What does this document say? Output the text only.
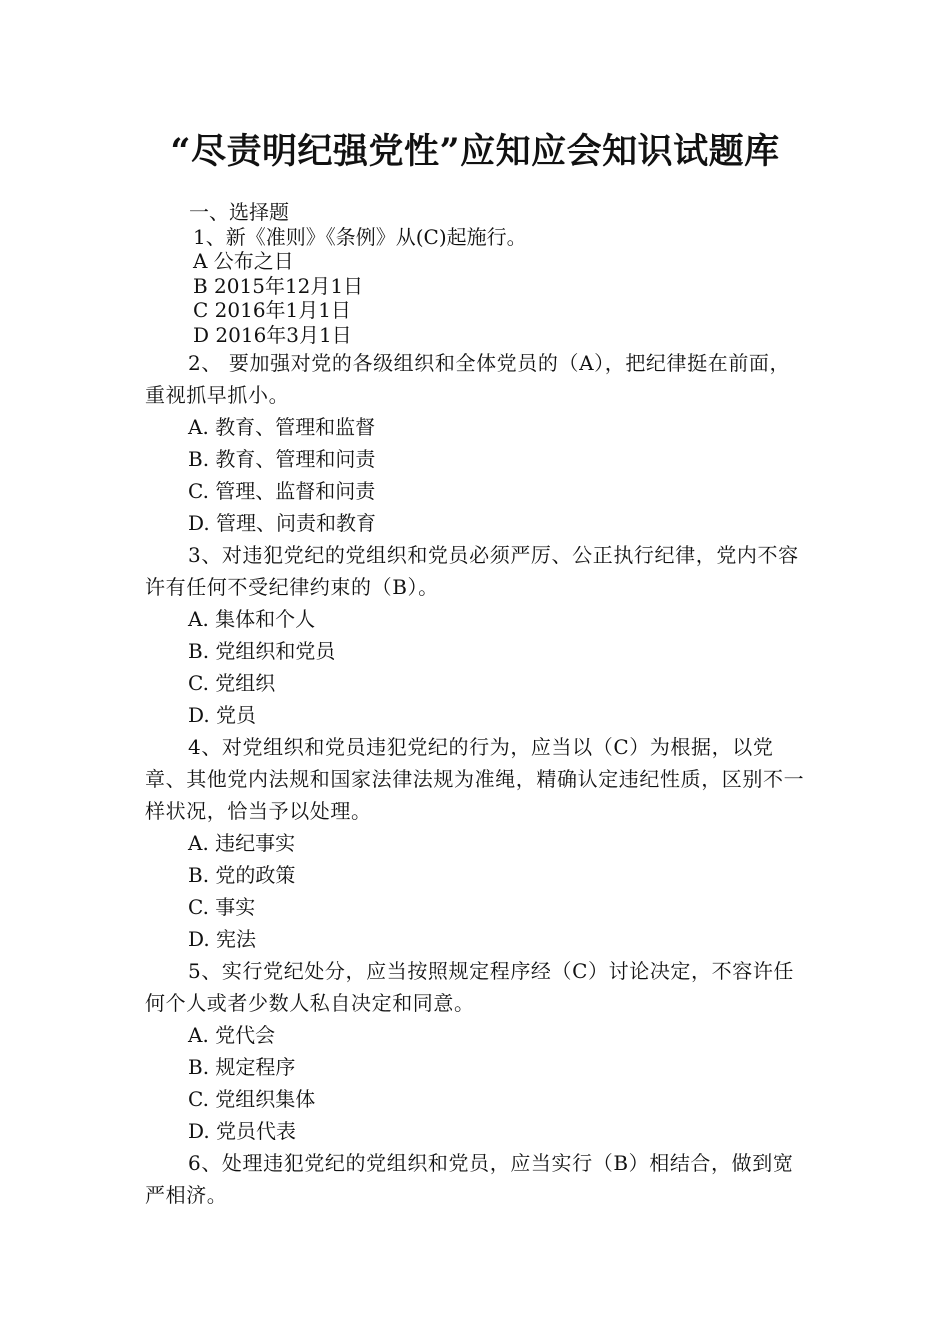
“尽责明纪强党性”应知应会知识试题库
一、选择题
1、新《准则》《条例》从(C)起施行。
A 公布之日
B 2015年12月1日
C 2016年1月1日
D 2016年3月1日
2、 要加强对党的各级组织和全体党员的（A），把纪律挺在前面，重视抓早抓小。
A. 教育、管理和监督
B. 教育、管理和问责
C. 管理、监督和问责
D. 管理、问责和教育
3、对违犯党纪的党组织和党员必须严厉、公正执行纪律，党内不容许有任何不受纪律约束的（B）。
A. 集体和个人
B. 党组织和党员
C. 党组织
D. 党员
4、对党组织和党员违犯党纪的行为，应当以（C）为根据，以党章、其他党内法规和国家法律法规为准绳，精确认定违纪性质，区别不一样状况，恰当予以处理。
A. 违纪事实
B. 党的政策
C. 事实
D. 宪法
5、实行党纪处分，应当按照规定程序经（C）讨论决定，不容许任何个人或者少数人私自决定和同意。
A. 党代会
B. 规定程序
C. 党组织集体
D. 党员代表
6、处理违犯党纪的党组织和党员，应当实行（B）相结合，做到宽严相济。
